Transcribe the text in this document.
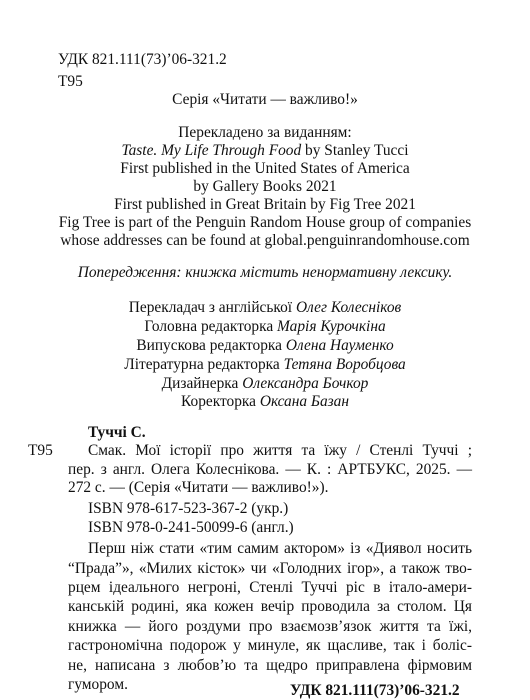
УДК 821.111(73)’06-321.2
Т95
Серія «Читати — важливо!»
Перекладено за виданням:
Taste. My Life Through Food by Stanley Tucci
First published in the United States of America
by Gallery Books 2021
First published in Great Britain by Fig Tree 2021
Fig Tree is part of the Penguin Random House group of companies
whose addresses can be found at global.penguinrandomhouse.com
Попередження: книжка містить ненормативну лексику.
Перекладач з англійської Олег Колесніков
Головна редакторка Марія Курочкіна
Випускова редакторка Олена Науменко
Літературна редакторка Тетяна Воробцова
Дизайнерка Олександра Бочкор
Коректорка Оксана Базан
Туччі С.
Т95 Смак. Мої історії про життя та їжу / Стенлі Туччі ;
пер. з англ. Олега Колеснікова. — К. : АРТБУКС, 2025. —
272 с. — (Серія «Читати — важливо!»).
ISBN 978-617-523-367-2 (укр.)
ISBN 978-0-241-50099-6 (англ.)
Перш ніж стати «тим самим актором» із «Диявол носить
“Прада”», «Милих кісток» чи «Голодних ігор», а також тво-
рцем ідеального негроні, Стенлі Туччі ріс в італо-амери-
канській родині, яка кожен вечір проводила за столом. Ця
книжка — його роздуми про взаємозв’язок життя та їжі,
гастрономічна подорож у минуле, як щасливе, так і болiс-
не, написана з любов’ю та щедро приправлена фірмовим
гумором.	УДК 821.111(73)’06-321.2
